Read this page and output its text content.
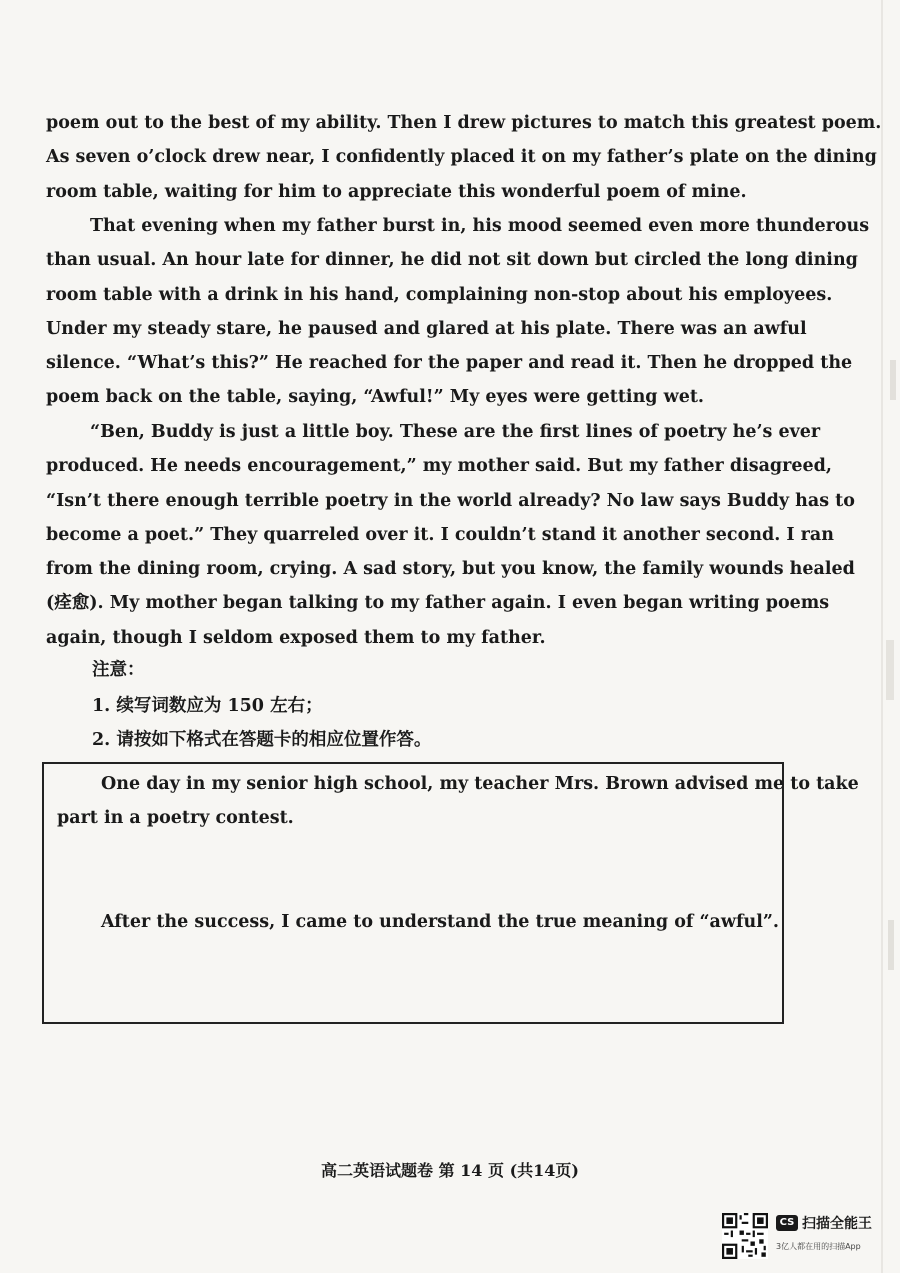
poem out to the best of my ability. Then I drew pictures to match this greatest poem.
As seven o’clock drew near, I confidently placed it on my father’s plate on the dining
room table, waiting for him to appreciate this wonderful poem of mine.
That evening when my father burst in, his mood seemed even more thunderous
than usual. An hour late for dinner, he did not sit down but circled the long dining
room table with a drink in his hand, complaining non-stop about his employees.
Under my steady stare, he paused and glared at his plate. There was an awful
silence. “What’s this?” He reached for the paper and read it. Then he dropped the
poem back on the table, saying, “Awful!” My eyes were getting wet.
“Ben, Buddy is just a little boy. These are the first lines of poetry he’s ever
produced. He needs encouragement,” my mother said. But my father disagreed,
“Isn’t there enough terrible poetry in the world already? No law says Buddy has to
become a poet.” They quarreled over it. I couldn’t stand it another second. I ran
from the dining room, crying. A sad story, but you know, the family wounds healed
(痊愈). My mother began talking to my father again. I even began writing poems
again, though I seldom exposed them to my father.

注意：

1. 续写词数应为 150 左右；

2. 请按如下格式在答题卡的相应位置作答。

One day in my senior high school, my teacher Mrs. Brown advised me to take

part in a poetry contest.

After the success, I came to understand the true meaning of “awful”.

高二英语试题卷 第 14 页 (共14页)
CS 扫描全能王
3亿人都在用的扫描App
